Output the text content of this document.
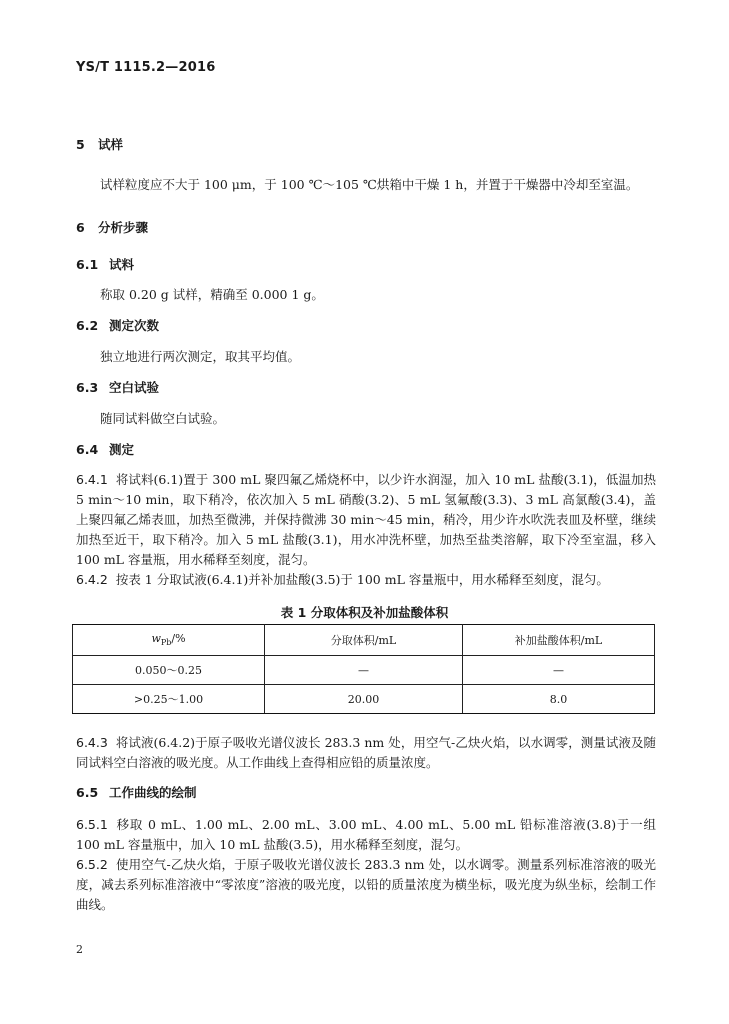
YS/T 1115.2—2016
5 试样
试样粒度应不大于 100 μm，于 100 ℃～105 ℃烘箱中干燥 1 h，并置于干燥器中冷却至室温。
6 分析步骤
6.1 试料
称取 0.20 g 试样，精确至 0.000 1 g。
6.2 测定次数
独立地进行两次测定，取其平均值。
6.3 空白试验
随同试料做空白试验。
6.4 测定
6.4.1 将试料(6.1)置于 300 mL 聚四氟乙烯烧杯中，以少许水润湿，加入 10 mL 盐酸(3.1)，低温加热 5 min～10 min，取下稍冷，依次加入 5 mL 硝酸(3.2)、5 mL 氢氟酸(3.3)、3 mL 高氯酸(3.4)，盖上聚四氟乙烯表皿，加热至微沸，并保持微沸 30 min～45 min，稍冷，用少许水吹洗表皿及杯壁，继续加热至近干，取下稍冷。加入 5 mL 盐酸(3.1)，用水冲洗杯壁，加热至盐类溶解，取下冷至室温，移入 100 mL 容量瓶，用水稀释至刻度，混匀。
6.4.2 按表 1 分取试液(6.4.1)并补加盐酸(3.5)于 100 mL 容量瓶中，用水稀释至刻度，混匀。
表 1 分取体积及补加盐酸体积
$w_{Pb}/\%$	分取体积/mL	补加盐酸体积/mL
0.050～0.25	—	—
>0.25～1.00	20.00	8.0
6.4.3 将试液(6.4.2)于原子吸收光谱仪波长 283.3 nm 处，用空气-乙炔火焰，以水调零，测量试液及随同试料空白溶液的吸光度。从工作曲线上查得相应铅的质量浓度。
6.5 工作曲线的绘制
6.5.1 移取 0 mL、1.00 mL、2.00 mL、3.00 mL、4.00 mL、5.00 mL 铅标准溶液(3.8)于一组 100 mL 容量瓶中，加入 10 mL 盐酸(3.5)，用水稀释至刻度，混匀。
6.5.2 使用空气-乙炔火焰，于原子吸收光谱仪波长 283.3 nm 处，以水调零。测量系列标准溶液的吸光度，减去系列标准溶液中“零浓度”溶液的吸光度，以铅的质量浓度为横坐标，吸光度为纵坐标，绘制工作曲线。
2
